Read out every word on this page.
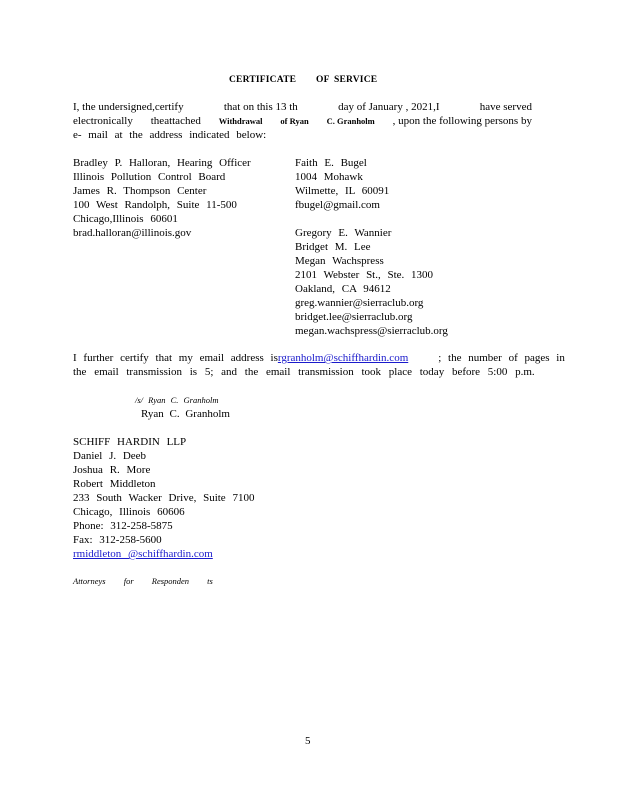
CERTIFICATE OF SERVICE
I, the undersigned,certify	that on this 13 th	day of January , 2021,I	have served
electronically theattached Withdrawal of Ryan C. Granholm , upon the following persons by
e- mail at the address indicated below:
Bradley P. Halloran, Hearing Officer
Illinois Pollution Control Board
James R. Thompson Center
100 West Randolph, Suite 11-500
Chicago,Illinois 60601
brad.halloran@illinois.gov
Faith E. Bugel
1004 Mohawk
Wilmette, IL 60091
fbugel@gmail.com
Gregory E. Wannier
Bridget M. Lee
Megan Wachspress
2101 Webster St., Ste. 1300
Oakland, CA 94612
greg.wannier@sierraclub.org
bridget.lee@sierraclub.org
megan.wachspress@sierraclub.org
I further certify that my email address is rgranholm@schiffhardin.com	; the number of pages in
the email transmission is 5; and the email transmission took place today before 5:00 p.m.
/s/ Ryan C. Granholm
Ryan C. Granholm
SCHIFF HARDIN LLP
Daniel J. Deeb
Joshua R. More
Robert Middleton
233 South Wacker Drive, Suite 7100
Chicago, Illinois 60606
Phone: 312-258-5875
Fax: 312-258-5600
rmiddleton @schiffhardin.com
Attorneys for Responden ts
5
